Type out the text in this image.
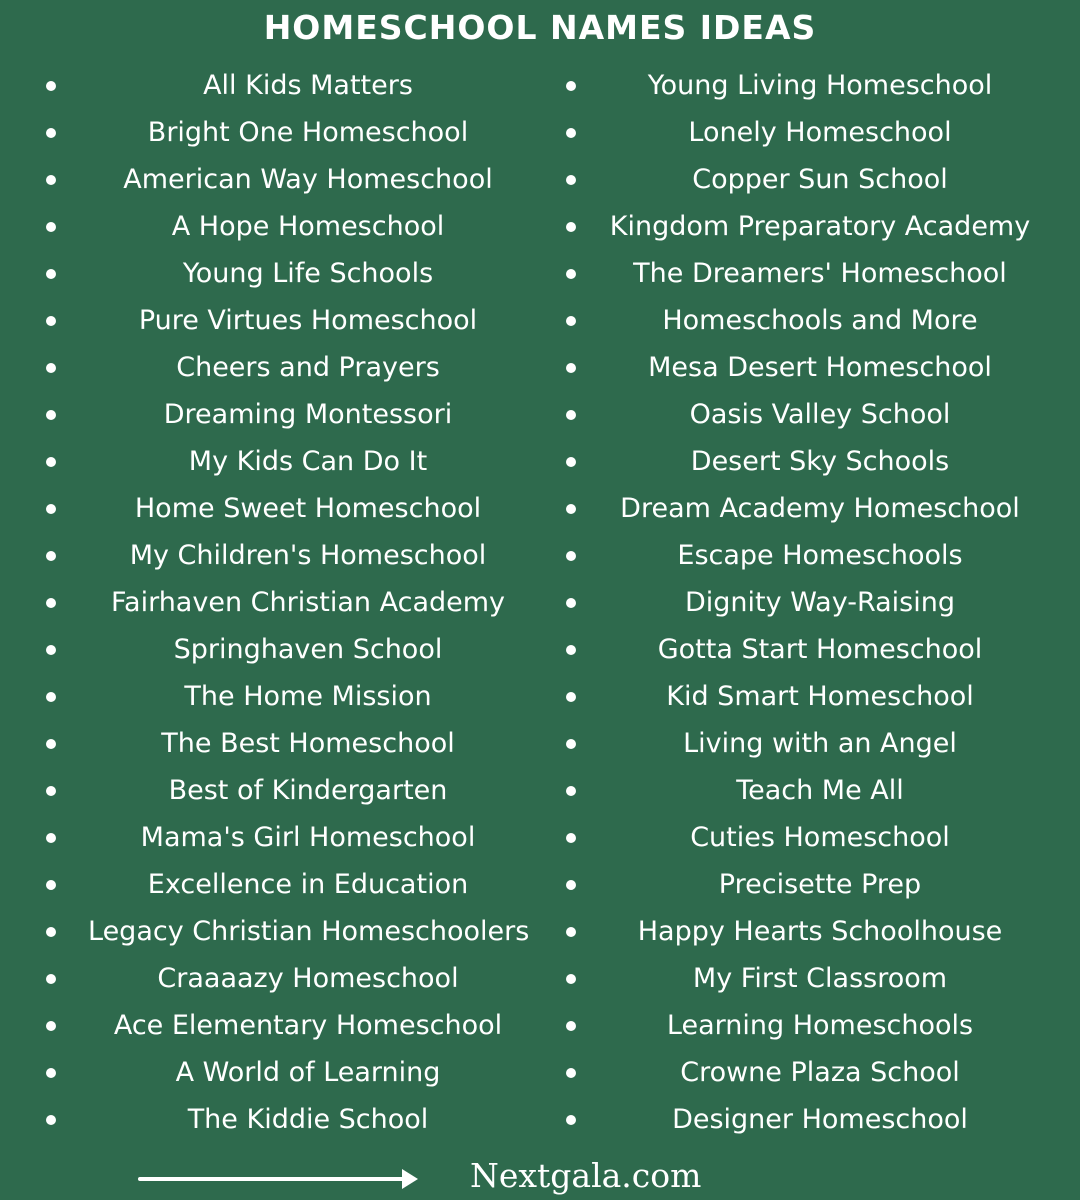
HOMESCHOOL NAMES IDEAS
All Kids Matters
Bright One Homeschool
American Way Homeschool
A Hope Homeschool
Young Life Schools
Pure Virtues Homeschool
Cheers and Prayers
Dreaming Montessori
My Kids Can Do It
Home Sweet Homeschool
My Children's Homeschool
Fairhaven Christian Academy
Springhaven School
The Home Mission
The Best Homeschool
Best of Kindergarten
Mama's Girl Homeschool
Excellence in Education
Legacy Christian Homeschoolers
Craaaazy Homeschool
Ace Elementary Homeschool
A World of Learning
The Kiddie School
Young Living Homeschool
Lonely Homeschool
Copper Sun School
Kingdom Preparatory Academy
The Dreamers' Homeschool
Homeschools and More
Mesa Desert Homeschool
Oasis Valley School
Desert Sky Schools
Dream Academy Homeschool
Escape Homeschools
Dignity Way-Raising
Gotta Start Homeschool
Kid Smart Homeschool
Living with an Angel
Teach Me All
Cuties Homeschool
Precisette Prep
Happy Hearts Schoolhouse
My First Classroom
Learning Homeschools
Crowne Plaza School
Designer Homeschool
Nextgala.com
